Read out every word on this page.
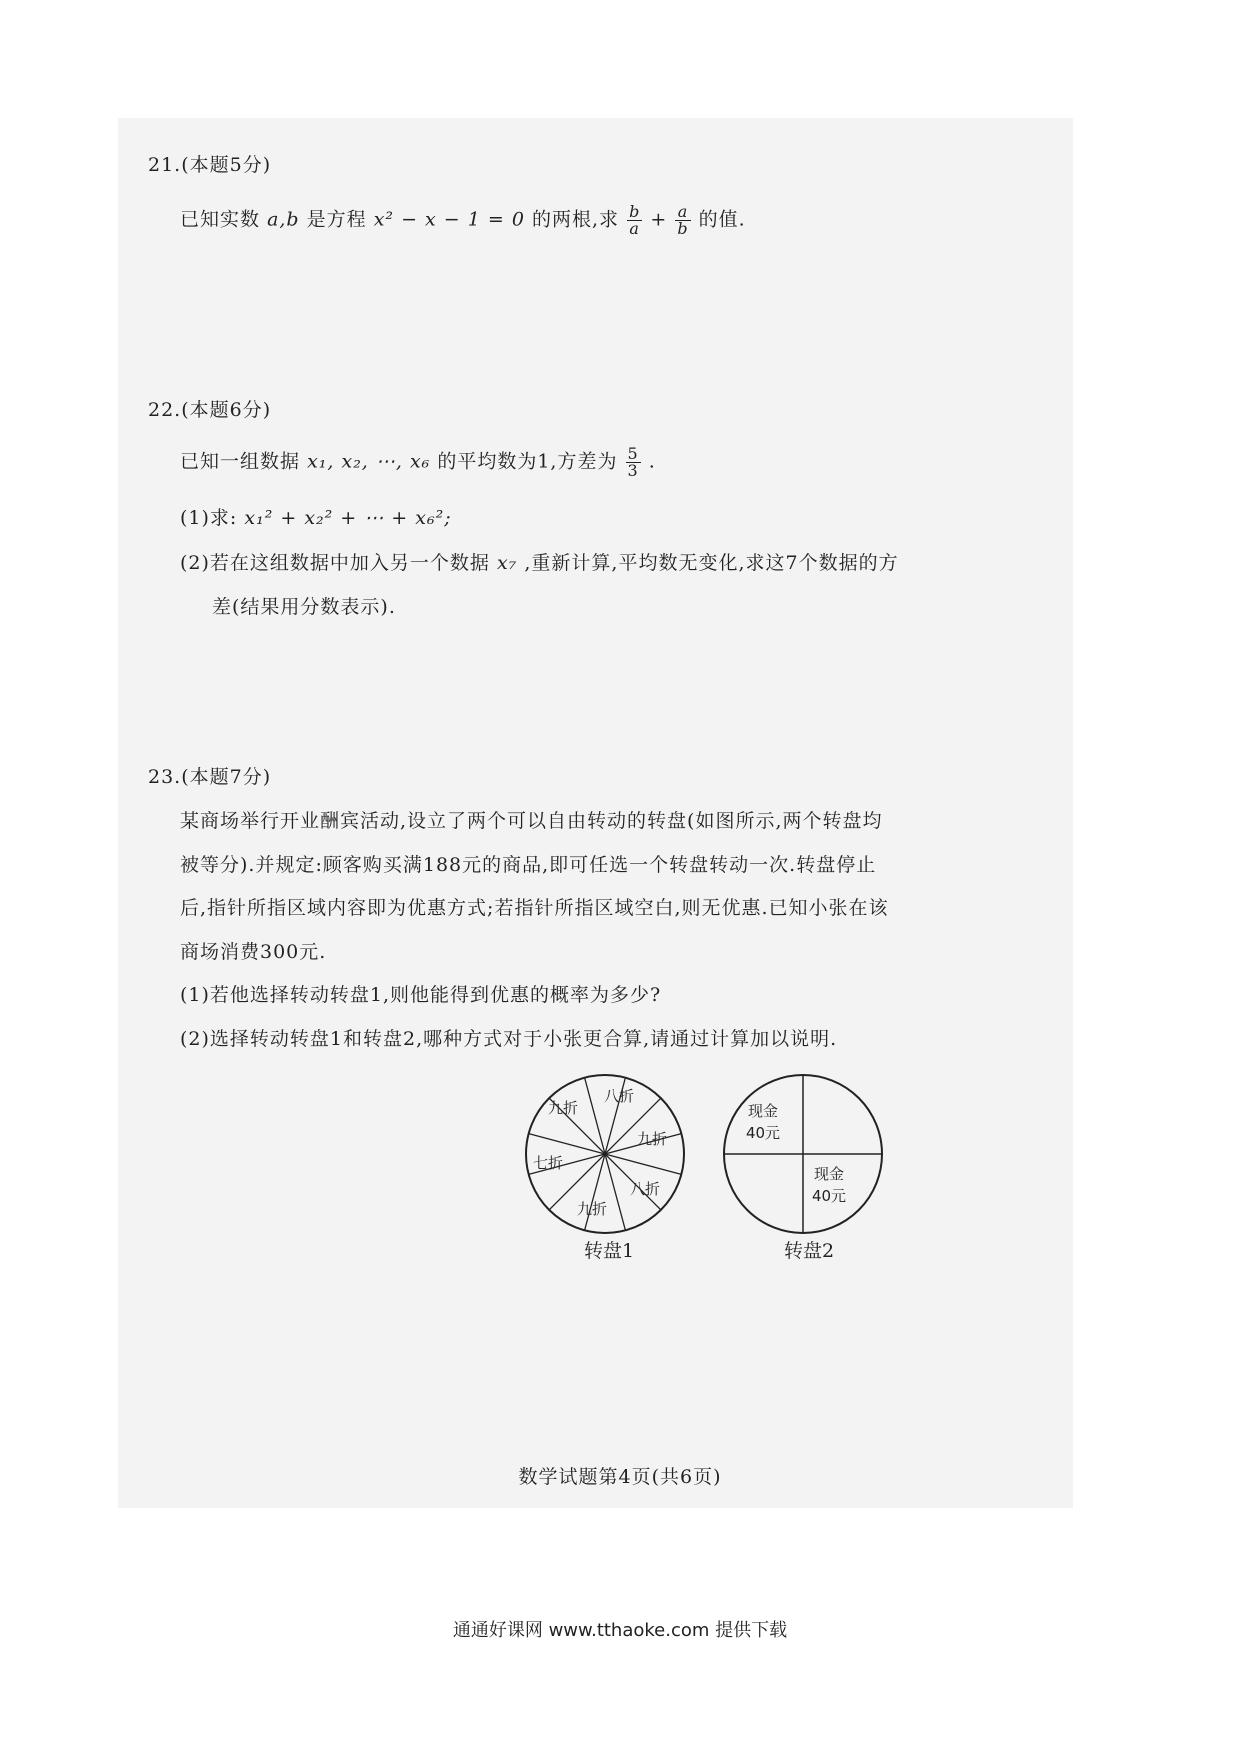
21.(本题5分)
已知实数 a,b 是方程 x² − x − 1 = 0 的两根,求 $\frac{b}{a} + \frac{a}{b}$ 的值.
22.(本题6分)
已知一组数据 x₁, x₂, ⋯, x₆ 的平均数为1,方差为 $\frac{5}{3}$ .
(1)求: x₁² + x₂² + ⋯ + x₆²;
(2)若在这组数据中加入另一个数据 x₇ ,重新计算,平均数无变化,求这7个数据的方
差(结果用分数表示).
23.(本题7分)
某商场举行开业酬宾活动,设立了两个可以自由转动的转盘(如图所示,两个转盘均
被等分).并规定:顾客购买满188元的商品,即可任选一个转盘转动一次.转盘停止
后,指针所指区域内容即为优惠方式;若指针所指区域空白,则无优惠.已知小张在该
商场消费300元.
(1)若他选择转动转盘1,则他能得到优惠的概率为多少?
(2)选择转动转盘1和转盘2,哪种方式对于小张更合算,请通过计算加以说明.
八折
九折
九折
七折
八折
九折
现金
40元
现金
40元
转盘1	转盘2
数学试题第4页(共6页)
通通好课网 www.tthaoke.com 提供下载
